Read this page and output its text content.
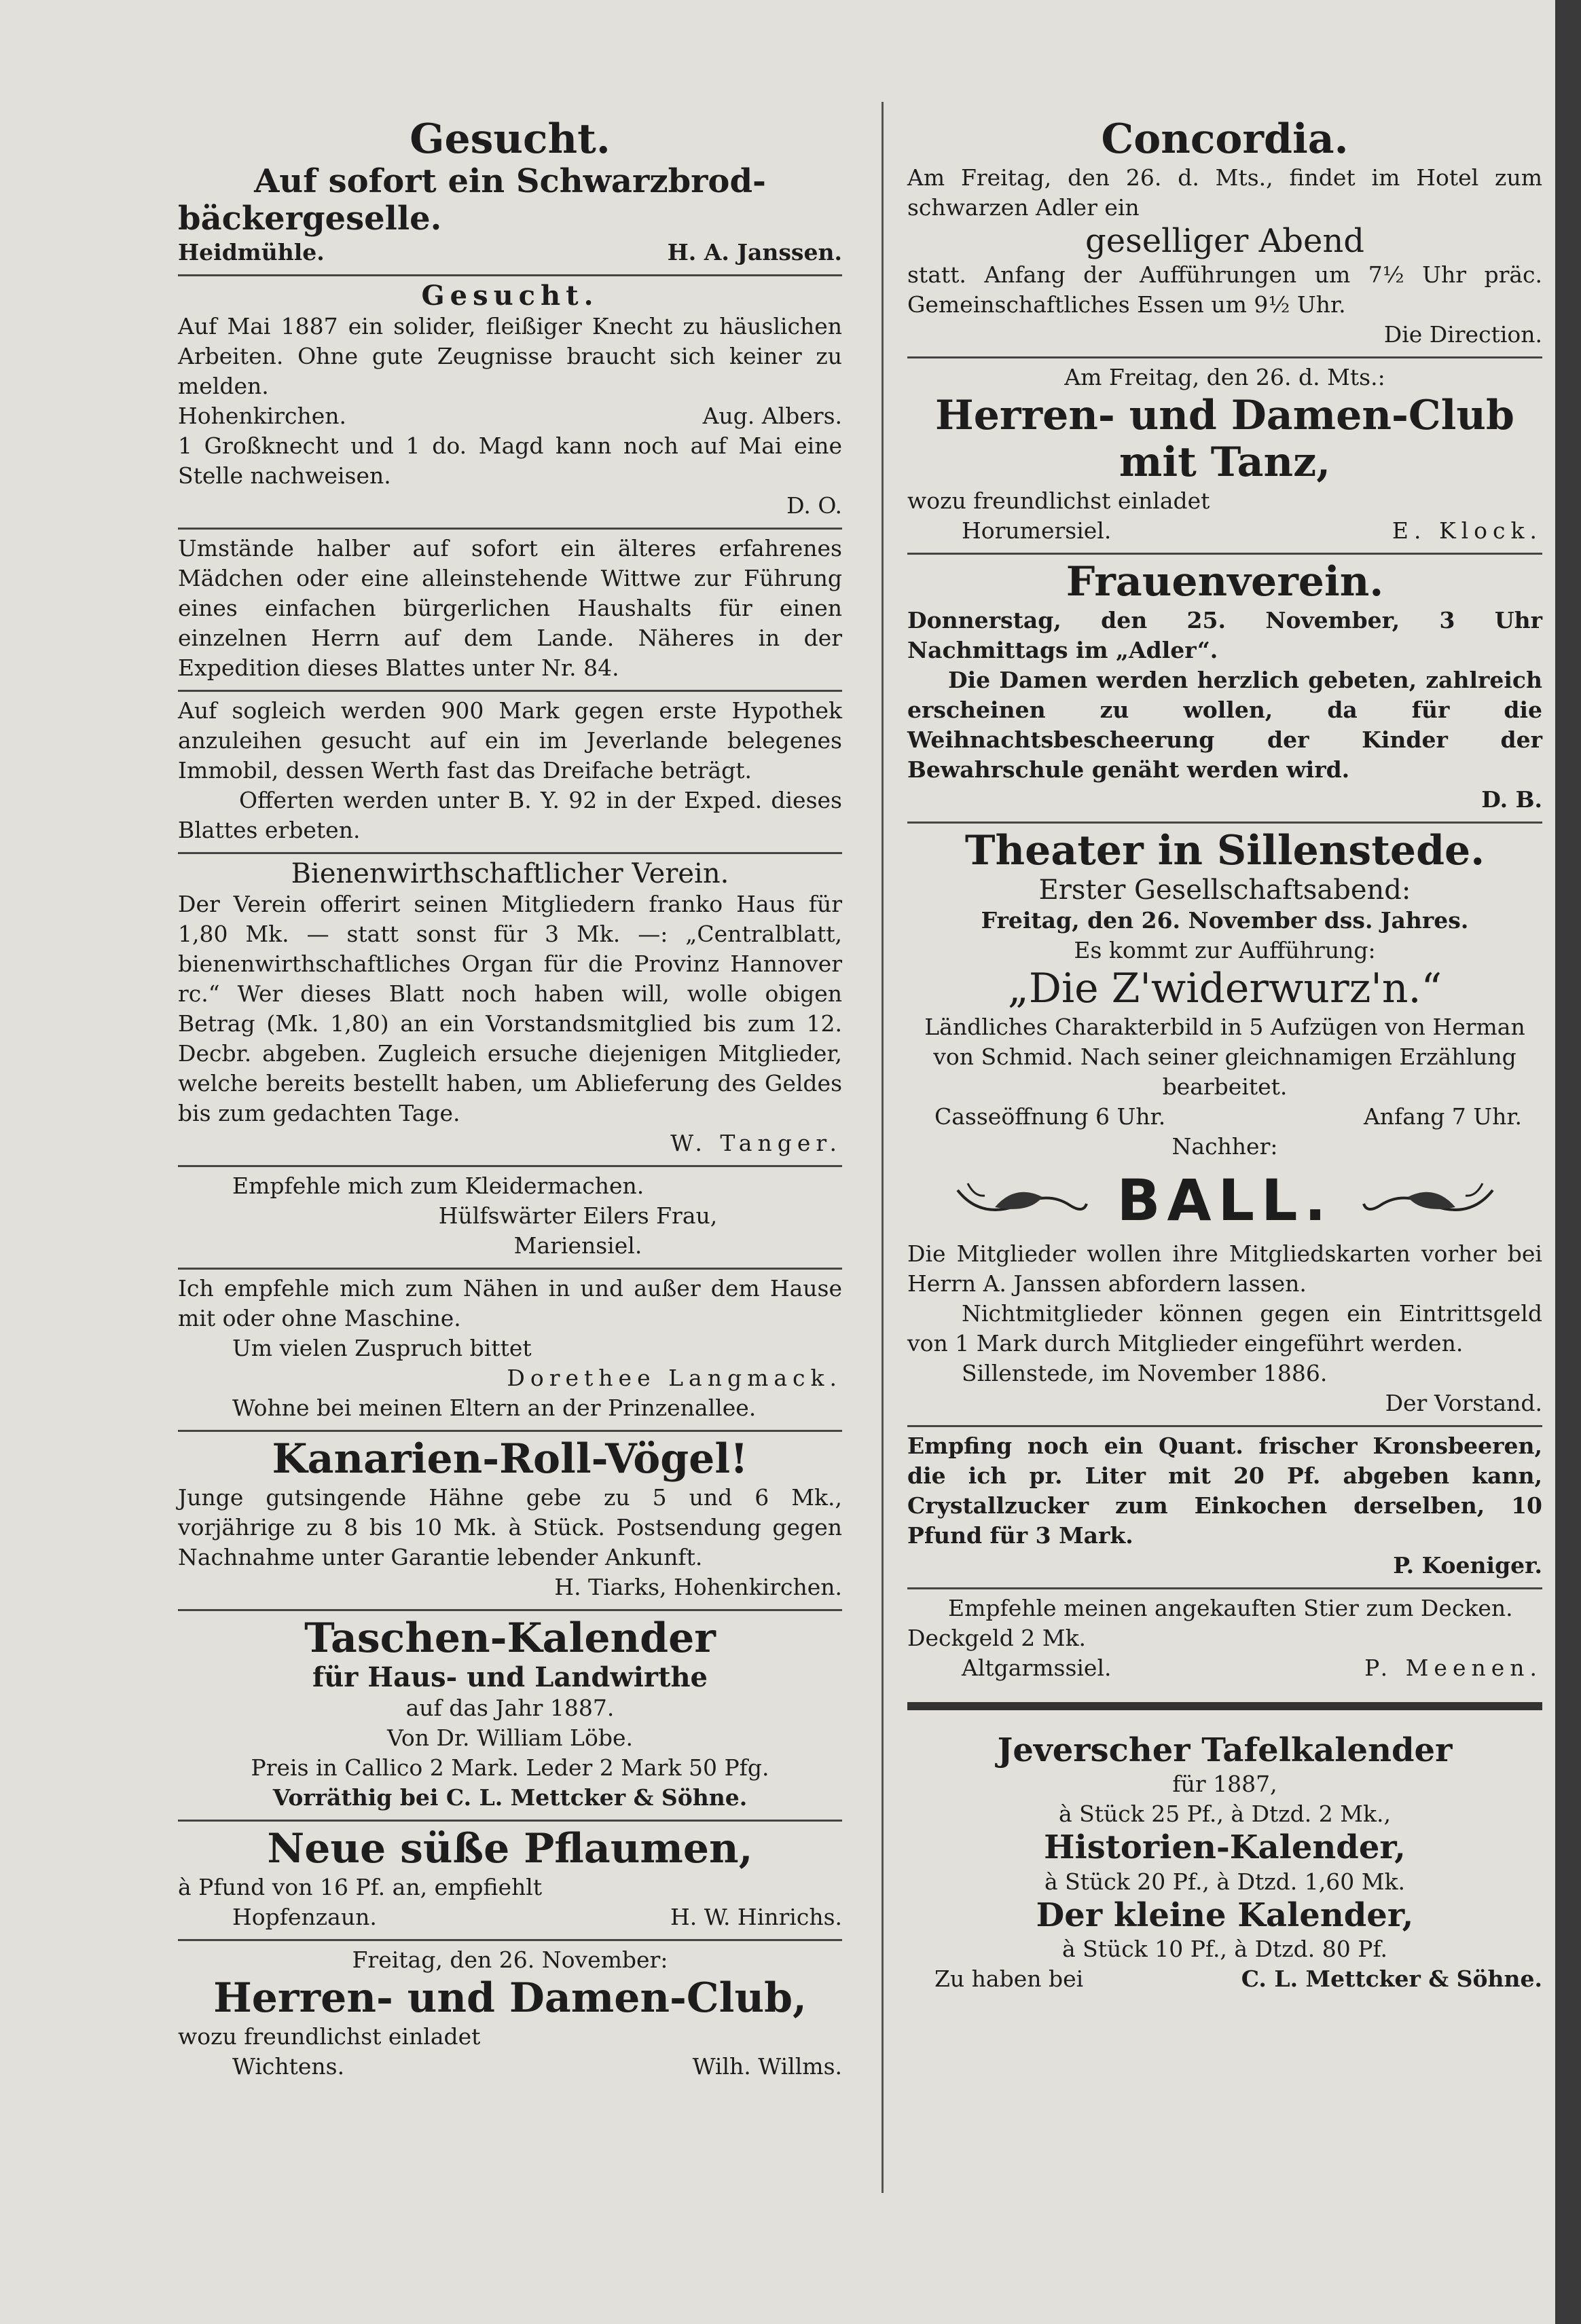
Gesucht.
Auf sofort ein Schwarzbrod-
bäckergeselle.
Heidmühle.	H. A. Janssen.
Gesucht.
Auf Mai 1887 ein solider, fleißiger Knecht zu häuslichen Arbeiten. Ohne gute Zeugnisse braucht sich keiner zu melden.
Hohenkirchen.	Aug. Albers.
1 Großknecht und 1 do. Magd kann noch auf Mai eine Stelle nachweisen.
D. O.
Umstände halber auf sofort ein älteres erfahrenes Mädchen oder eine alleinstehende Wittwe zur Führung eines einfachen bürgerlichen Haushalts für einen einzelnen Herrn auf dem Lande. Näheres in der Expedition dieses Blattes unter Nr. 84.
Auf sogleich werden 900 Mark gegen erste Hypothek anzuleihen gesucht auf ein im Jeverlande belegenes Immobil, dessen Werth fast das Dreifache beträgt.
Offerten werden unter B. Y. 92 in der Exped. dieses Blattes erbeten.
Bienenwirthschaftlicher Verein.
Der Verein offerirt seinen Mitgliedern franko Haus für 1,80 Mk. — statt sonst für 3 Mk. —: „Centralblatt, bienenwirthschaftliches Organ für die Provinz Hannover rc.“ Wer dieses Blatt noch haben will, wolle obigen Betrag (Mk. 1,80) an ein Vorstandsmitglied bis zum 12. Decbr. abgeben. Zugleich ersuche diejenigen Mitglieder, welche bereits bestellt haben, um Ablieferung des Geldes bis zum gedachten Tage.
W. Tanger.
Empfehle mich zum Kleidermachen.
Hülfswärter Eilers Frau,
Mariensiel.
Ich empfehle mich zum Nähen in und außer dem Hause mit oder ohne Maschine.
Um vielen Zuspruch bittet
Dorethee Langmack.
Wohne bei meinen Eltern an der Prinzenallee.
Kanarien-Roll-Vögel!
Junge gutsingende Hähne gebe zu 5 und 6 Mk., vorjährige zu 8 bis 10 Mk. à Stück. Postsendung gegen Nachnahme unter Garantie lebender Ankunft.
H. Tiarks, Hohenkirchen.
Taschen-Kalender
für Haus- und Landwirthe
auf das Jahr 1887.
Von Dr. William Löbe.
Preis in Callico 2 Mark. Leder 2 Mark 50 Pfg.
Vorräthig bei C. L. Mettcker & Söhne.
Neue süße Pflaumen,
à Pfund von 16 Pf. an, empfiehlt
Hopfenzaun.	H. W. Hinrichs.
Freitag, den 26. November:
Herren- und Damen-Club,
wozu freundlichst einladet
Wichtens.	Wilh. Willms.
Concordia.
Am Freitag, den 26. d. Mts., findet im Hotel zum schwarzen Adler ein
geselliger Abend
statt. Anfang der Aufführungen um 7½ Uhr präc. Gemeinschaftliches Essen um 9½ Uhr.
Die Direction.
Am Freitag, den 26. d. Mts.:
Herren- und Damen-Club
mit Tanz,
wozu freundlichst einladet
Horumersiel.	E. Klock.
Frauenverein.
Donnerstag, den 25. November, 3 Uhr Nachmittags im „Adler“.
Die Damen werden herzlich gebeten, zahlreich erscheinen zu wollen, da für die Weihnachtsbescheerung der Kinder der Bewahrschule genäht werden wird.
D. B.
Theater in Sillenstede.
Erster Gesellschaftsabend:
Freitag, den 26. November dss. Jahres.
Es kommt zur Aufführung:
„Die Z'widerwurz'n.“
Ländliches Charakterbild in 5 Aufzügen von Herman von Schmid. Nach seiner gleichnamigen Erzählung bearbeitet.
Casseöffnung 6 Uhr.	Anfang 7 Uhr.
Nachher:
BALL.
Die Mitglieder wollen ihre Mitgliedskarten vorher bei Herrn A. Janssen abfordern lassen.
Nichtmitglieder können gegen ein Eintrittsgeld von 1 Mark durch Mitglieder eingeführt werden.
Sillenstede, im November 1886.
Der Vorstand.
Empfing noch ein Quant. frischer Kronsbeeren, die ich pr. Liter mit 20 Pf. abgeben kann, Crystallzucker zum Einkochen derselben, 10 Pfund für 3 Mark.
P. Koeniger.
Empfehle meinen angekauften Stier zum Decken.
Deckgeld 2 Mk.
Altgarmssiel.	P. Meenen.
Jeverscher Tafelkalender
für 1887,
à Stück 25 Pf., à Dtzd. 2 Mk.,
Historien-Kalender,
à Stück 20 Pf., à Dtzd. 1,60 Mk.
Der kleine Kalender,
à Stück 10 Pf., à Dtzd. 80 Pf.
Zu haben bei	C. L. Mettcker & Söhne.
